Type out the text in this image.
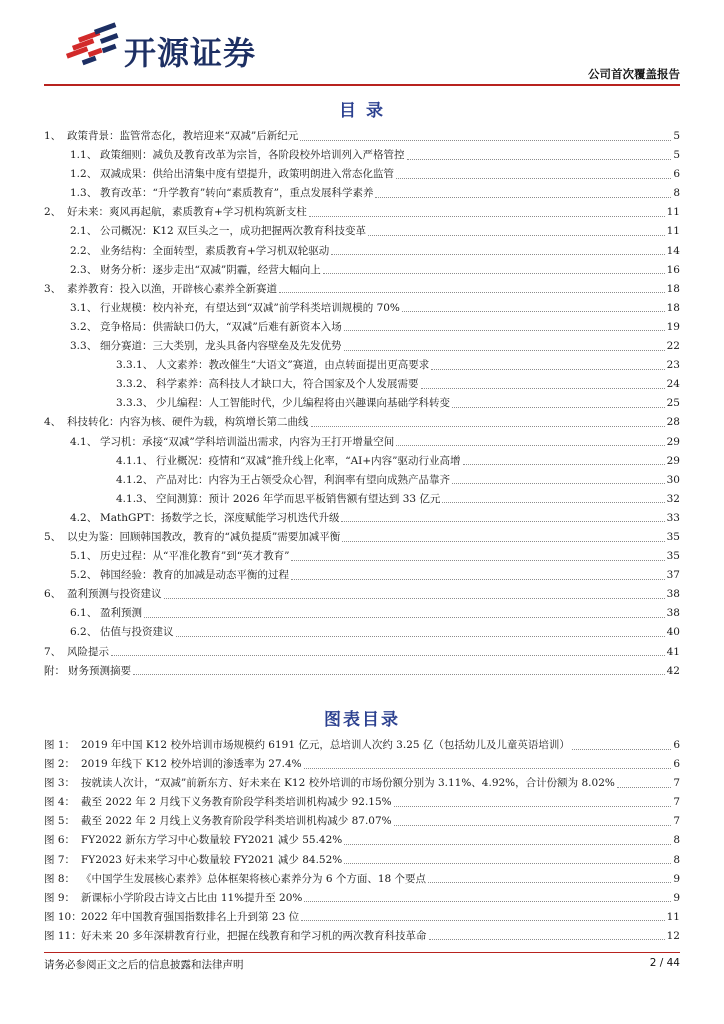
开源证券
公司首次覆盖报告
目 录
1、 政策背景：监管常态化，教培迎来“双减”后新纪元	5
1.1、 政策细则：减负及教育改革为宗旨，各阶段校外培训列入严格管控	5
1.2、 双减成果：供给出清集中度有望提升，政策明朗进入常态化监管	6
1.3、 教育改革：“升学教育”转向“素质教育”，重点发展科学素养	8
2、 好未来：爽风再起航，素质教育+学习机构筑新支柱	11
2.1、 公司概况：K12 双巨头之一，成功把握两次教育科技变革	11
2.2、 业务结构：全面转型，素质教育+学习机双轮驱动	14
2.3、 财务分析：逐步走出“双减”阴霾，经营大幅向上	16
3、 素养教育：投入以渔，开辟核心素养全新赛道	18
3.1、 行业规模：校内补充，有望达到“双减”前学科类培训规模的 70%	18
3.2、 竞争格局：供需缺口仍大，“双减”后难有新资本入场	19
3.3、 细分赛道：三大类别，龙头具备内容壁垒及先发优势	22
3.3.1、 人文素养：教改催生“大语文”赛道，由点转面提出更高要求	23
3.3.2、 科学素养：高科技人才缺口大，符合国家及个人发展需要	24
3.3.3、 少儿编程：人工智能时代，少儿编程将由兴趣课向基础学科转变	25
4、 科技转化：内容为核、硬件为载，构筑增长第二曲线	28
4.1、 学习机：承接“双减”学科培训溢出需求，内容为王打开增量空间	29
4.1.1、 行业概况：疫情和“双减”推升线上化率，“AI+内容”驱动行业高增	29
4.1.2、 产品对比：内容为王占领受众心智，利润率有望向成熟产品靠齐	30
4.1.3、 空间测算：预计 2026 年学而思平板销售额有望达到 33 亿元	32
4.2、 MathGPT：扬数学之长，深度赋能学习机迭代升级	33
5、 以史为鉴：回顾韩国教改，教育的“减负提质”需要加减平衡	35
5.1、 历史过程：从“平准化教育”到“英才教育”	35
5.2、 韩国经验：教育的加减是动态平衡的过程	37
6、 盈利预测与投资建议	38
6.1、 盈利预测	38
6.2、 估值与投资建议	40
7、 风险提示	41
附： 财务预测摘要	42
图表目录
图 1： 2019 年中国 K12 校外培训市场规模约 6191 亿元，总培训人次约 3.25 亿（包括幼儿及儿童英语培训）	6
图 2： 2019 年线下 K12 校外培训的渗透率为 27.4%	6
图 3： 按就读人次计，“双减”前新东方、好未来在 K12 校外培训的市场份额分别为 3.11%、4.92%，合计份额为 8.02%	7
图 4： 截至 2022 年 2 月线下义务教育阶段学科类培训机构减少 92.15%	7
图 5： 截至 2022 年 2 月线上义务教育阶段学科类培训机构减少 87.07%	7
图 6： FY2022 新东方学习中心数量较 FY2021 减少 55.42%	8
图 7： FY2023 好未来学习中心数量较 FY2021 减少 84.52%	8
图 8： 《中国学生发展核心素养》总体框架将核心素养分为 6 个方面、18 个要点	9
图 9： 新课标小学阶段古诗文占比由 11%提升至 20%	9
图 10： 2022 年中国教育强国指数排名上升到第 23 位	11
图 11： 好未来 20 多年深耕教育行业，把握在线教育和学习机的两次教育科技革命	12
请务必参阅正文之后的信息披露和法律声明	2 / 44
